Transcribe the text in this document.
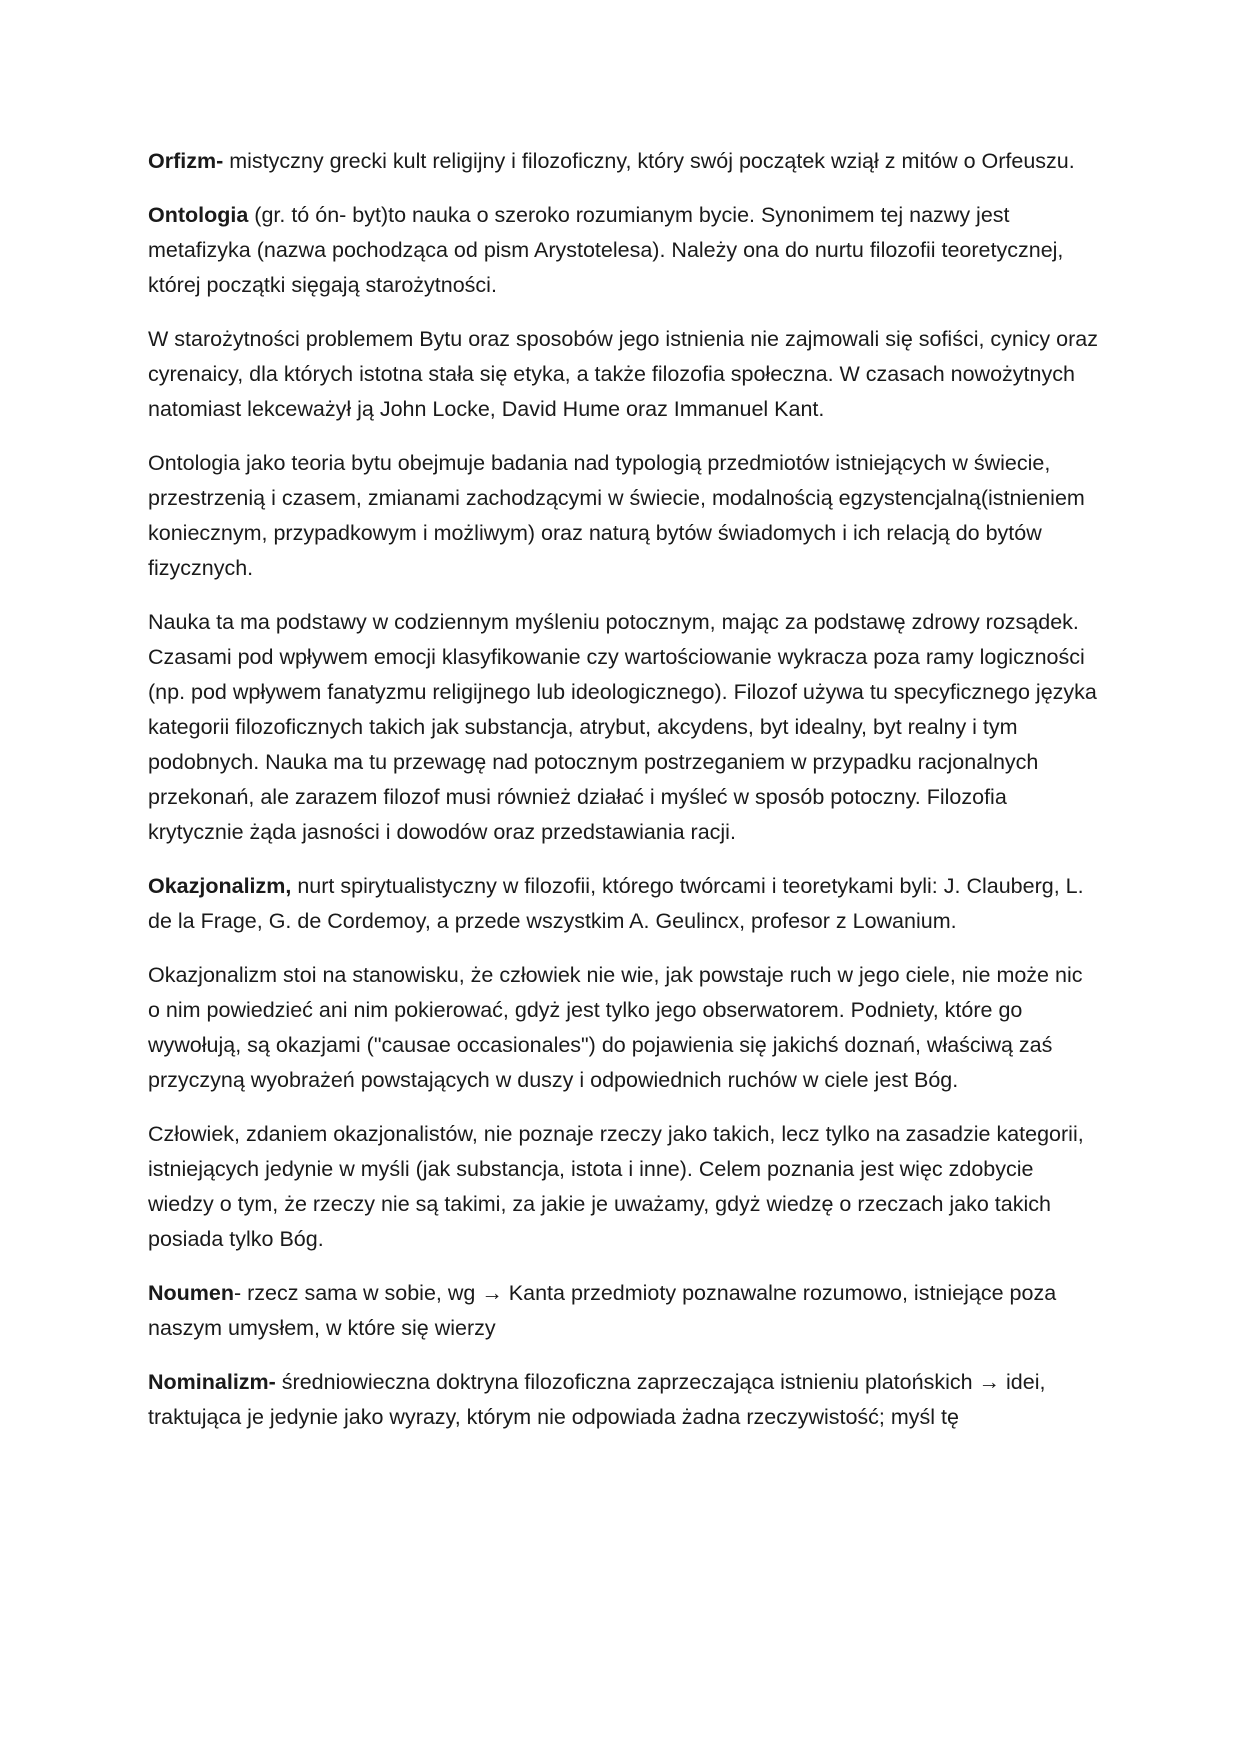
Orfizm- mistyczny grecki kult religijny i filozoficzny, który swój początek wziął z mitów o Orfeuszu.

Ontologia (gr. tó ón- byt)to nauka o szeroko rozumianym bycie. Synonimem tej nazwy jest metafizyka (nazwa pochodząca od pism Arystotelesa). Należy ona do nurtu filozofii teoretycznej, której początki sięgają starożytności.

W starożytności problemem Bytu oraz sposobów jego istnienia nie zajmowali się sofiści, cynicy oraz cyrenaicy, dla których istotna stała się etyka, a także filozofia społeczna. W czasach nowożytnych natomiast lekceważył ją John Locke, David Hume oraz Immanuel Kant.

Ontologia jako teoria bytu obejmuje badania nad typologią przedmiotów istniejących w świecie, przestrzenią i czasem, zmianami zachodzącymi w świecie, modalnością egzystencjalną(istnieniem koniecznym, przypadkowym i możliwym) oraz naturą bytów świadomych i ich relacją do bytów fizycznych.

Nauka ta ma podstawy w codziennym myśleniu potocznym, mając za podstawę zdrowy rozsądek. Czasami pod wpływem emocji klasyfikowanie czy wartościowanie wykracza poza ramy logiczności (np. pod wpływem fanatyzmu religijnego lub ideologicznego). Filozof używa tu specyficznego języka kategorii filozoficznych takich jak substancja, atrybut, akcydens, byt idealny, byt realny i tym podobnych. Nauka ma tu przewagę nad potocznym postrzeganiem w przypadku racjonalnych przekonań, ale zarazem filozof musi również działać i myśleć w sposób potoczny. Filozofia krytycznie żąda jasności i dowodów oraz przedstawiania racji.

Okazjonalizm, nurt spirytualistyczny w filozofii, którego twórcami i teoretykami byli: J. Clauberg, L. de la Frage, G. de Cordemoy, a przede wszystkim A. Geulincx, profesor z Lowanium.

Okazjonalizm stoi na stanowisku, że człowiek nie wie, jak powstaje ruch w jego ciele, nie może nic o nim powiedzieć ani nim pokierować, gdyż jest tylko jego obserwatorem. Podniety, które go wywołują, są okazjami ("causae occasionales") do pojawienia się jakichś doznań, właściwą zaś przyczyną wyobrażeń powstających w duszy i odpowiednich ruchów w ciele jest Bóg.

Człowiek, zdaniem okazjonalistów, nie poznaje rzeczy jako takich, lecz tylko na zasadzie kategorii, istniejących jedynie w myśli (jak substancja, istota i inne). Celem poznania jest więc zdobycie wiedzy o tym, że rzeczy nie są takimi, za jakie je uważamy, gdyż wiedzę o rzeczach jako takich posiada tylko Bóg.

Noumen- rzecz sama w sobie, wg → Kanta przedmioty poznawalne rozumowo, istniejące poza naszym umysłem, w które się wierzy

Nominalizm- średniowieczna doktryna filozoficzna zaprzeczająca istnieniu platońskich → idei, traktująca je jedynie jako wyrazy, którym nie odpowiada żadna rzeczywistość; myśl tę
